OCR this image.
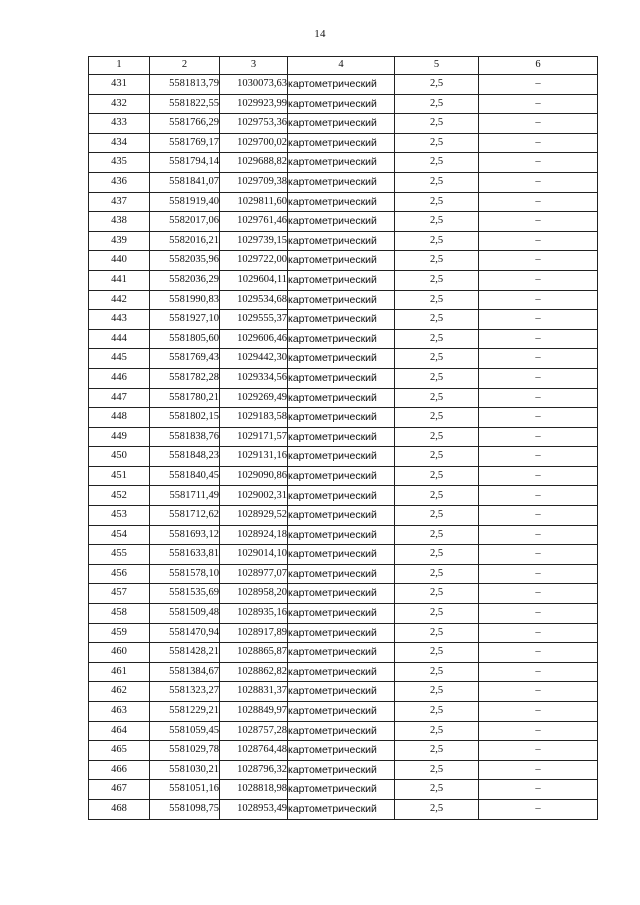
14
1	2	3	4	5	6
431	5581813,79	1030073,63	картометрический	2,5	–
432	5581822,55	1029923,99	картометрический	2,5	–
433	5581766,29	1029753,36	картометрический	2,5	–
434	5581769,17	1029700,02	картометрический	2,5	–
435	5581794,14	1029688,82	картометрический	2,5	–
436	5581841,07	1029709,38	картометрический	2,5	–
437	5581919,40	1029811,60	картометрический	2,5	–
438	5582017,06	1029761,46	картометрический	2,5	–
439	5582016,21	1029739,15	картометрический	2,5	–
440	5582035,96	1029722,00	картометрический	2,5	–
441	5582036,29	1029604,11	картометрический	2,5	–
442	5581990,83	1029534,68	картометрический	2,5	–
443	5581927,10	1029555,37	картометрический	2,5	–
444	5581805,60	1029606,46	картометрический	2,5	–
445	5581769,43	1029442,30	картометрический	2,5	–
446	5581782,28	1029334,56	картометрический	2,5	–
447	5581780,21	1029269,49	картометрический	2,5	–
448	5581802,15	1029183,58	картометрический	2,5	–
449	5581838,76	1029171,57	картометрический	2,5	–
450	5581848,23	1029131,16	картометрический	2,5	–
451	5581840,45	1029090,86	картометрический	2,5	–
452	5581711,49	1029002,31	картометрический	2,5	–
453	5581712,62	1028929,52	картометрический	2,5	–
454	5581693,12	1028924,18	картометрический	2,5	–
455	5581633,81	1029014,10	картометрический	2,5	–
456	5581578,10	1028977,07	картометрический	2,5	–
457	5581535,69	1028958,20	картометрический	2,5	–
458	5581509,48	1028935,16	картометрический	2,5	–
459	5581470,94	1028917,89	картометрический	2,5	–
460	5581428,21	1028865,87	картометрический	2,5	–
461	5581384,67	1028862,82	картометрический	2,5	–
462	5581323,27	1028831,37	картометрический	2,5	–
463	5581229,21	1028849,97	картометрический	2,5	–
464	5581059,45	1028757,28	картометрический	2,5	–
465	5581029,78	1028764,48	картометрический	2,5	–
466	5581030,21	1028796,32	картометрический	2,5	–
467	5581051,16	1028818,98	картометрический	2,5	–
468	5581098,75	1028953,49	картометрический	2,5	–
